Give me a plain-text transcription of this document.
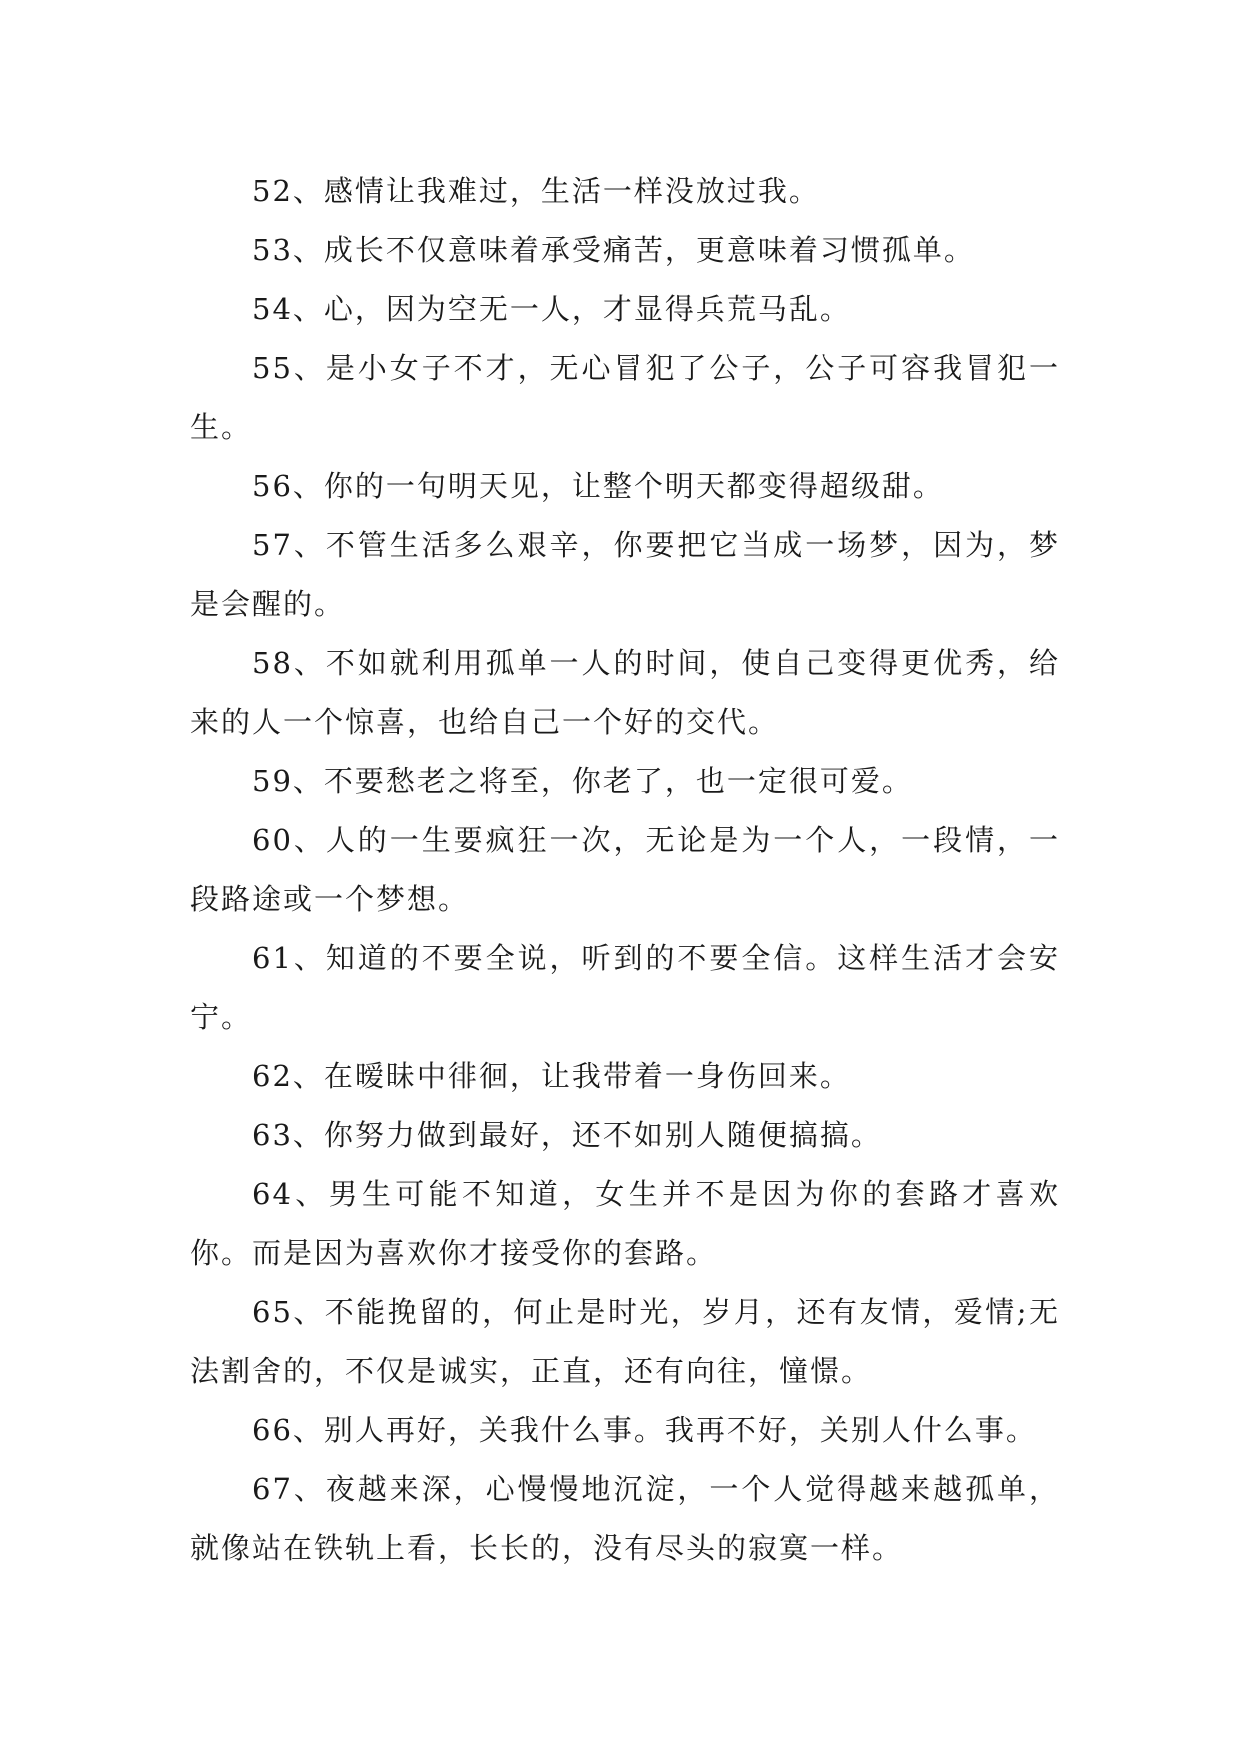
52、感情让我难过，生活一样没放过我。

53、成长不仅意味着承受痛苦，更意味着习惯孤单。

54、心，因为空无一人，才显得兵荒马乱。

55、是小女子不才，无心冒犯了公子，公子可容我冒犯一生。

56、你的一句明天见，让整个明天都变得超级甜。

57、不管生活多么艰辛，你要把它当成一场梦，因为，梦是会醒的。

58、不如就利用孤单一人的时间，使自己变得更优秀，给来的人一个惊喜，也给自己一个好的交代。

59、不要愁老之将至，你老了，也一定很可爱。

60、人的一生要疯狂一次，无论是为一个人，一段情，一段路途或一个梦想。

61、知道的不要全说，听到的不要全信。这样生活才会安宁。

62、在暧昧中徘徊，让我带着一身伤回来。

63、你努力做到最好，还不如别人随便搞搞。

64、男生可能不知道，女生并不是因为你的套路才喜欢你。而是因为喜欢你才接受你的套路。

65、不能挽留的，何止是时光，岁月，还有友情，爱情;无法割舍的，不仅是诚实，正直，还有向往，憧憬。

66、别人再好，关我什么事。我再不好，关别人什么事。

67、夜越来深，心慢慢地沉淀，一个人觉得越来越孤单，就像站在铁轨上看，长长的，没有尽头的寂寞一样。
